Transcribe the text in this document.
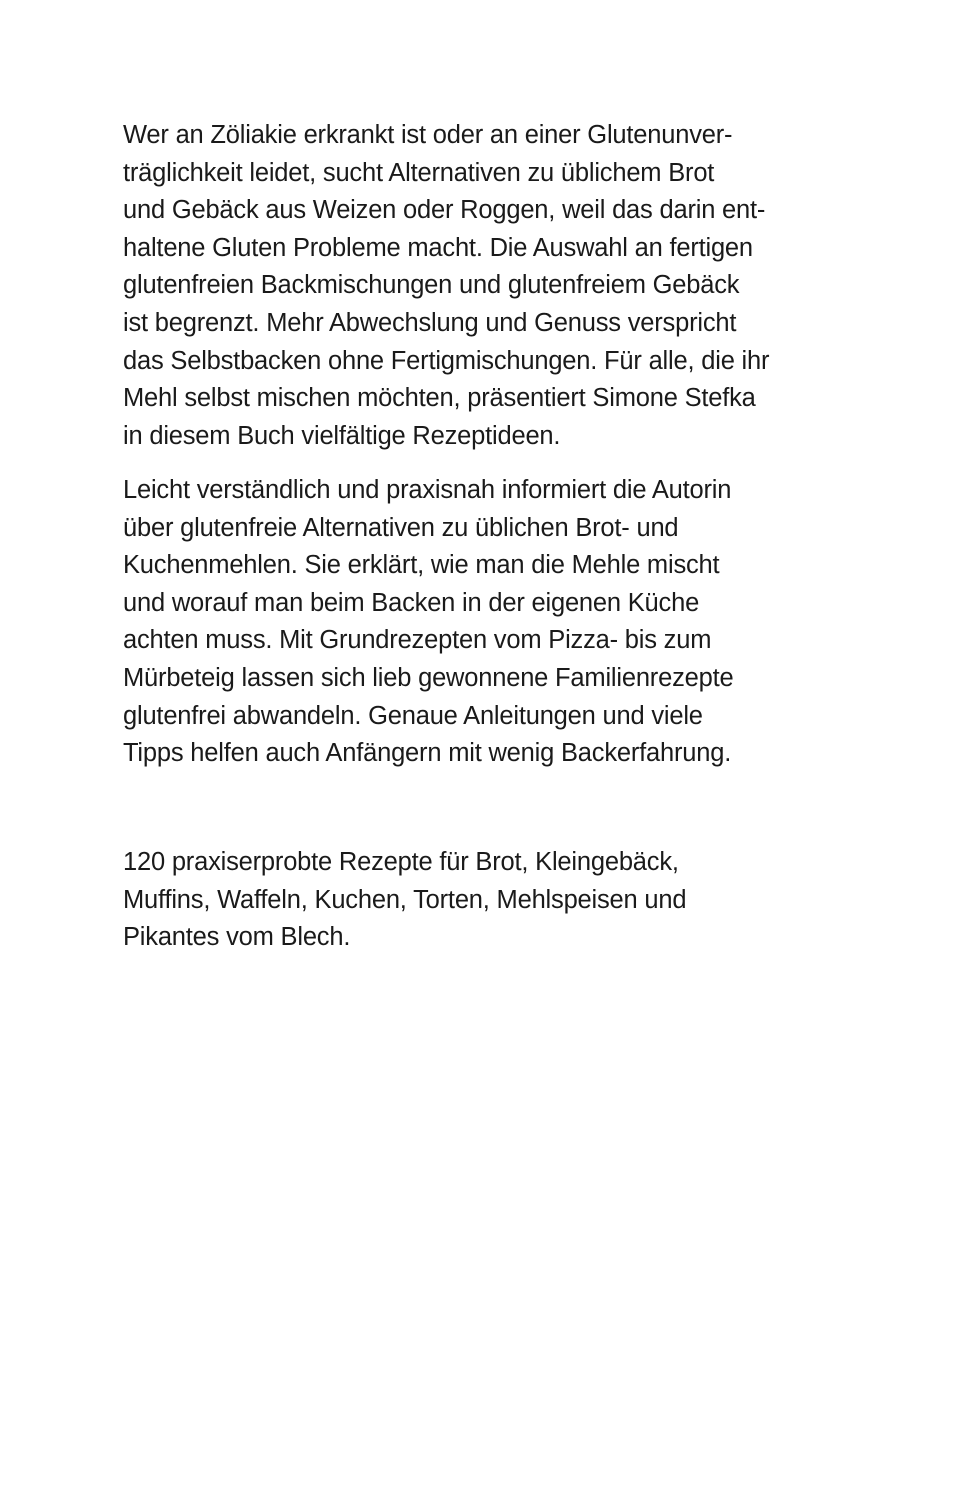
Wer an Zöliakie erkrankt ist oder an einer Glutenunver-
träglichkeit leidet, sucht Alternativen zu üblichem Brot
und Gebäck aus Weizen oder Roggen, weil das darin ent-
haltene Gluten Probleme macht. Die Auswahl an fertigen
glutenfreien Backmischungen und glutenfreiem Gebäck
ist begrenzt. Mehr Abwechslung und Genuss verspricht
das Selbstbacken ohne Fertigmischungen. Für alle, die ihr
Mehl selbst mischen möchten, präsentiert Simone Stefka
in diesem Buch vielfältige Rezeptideen.
Leicht verständlich und praxisnah informiert die Autorin
über glutenfreie Alternativen zu üblichen Brot- und
Kuchenmehlen. Sie erklärt, wie man die Mehle mischt
und worauf man beim Backen in der eigenen Küche
achten muss. Mit Grundrezepten vom Pizza- bis zum
Mürbeteig lassen sich lieb gewonnene Familienrezepte
glutenfrei abwandeln. Genaue Anleitungen und viele
Tipps helfen auch Anfängern mit wenig Backerfahrung.
120 praxiserprobte Rezepte für Brot, Kleingebäck,
Muffins, Waffeln, Kuchen, Torten, Mehlspeisen und
Pikantes vom Blech.
